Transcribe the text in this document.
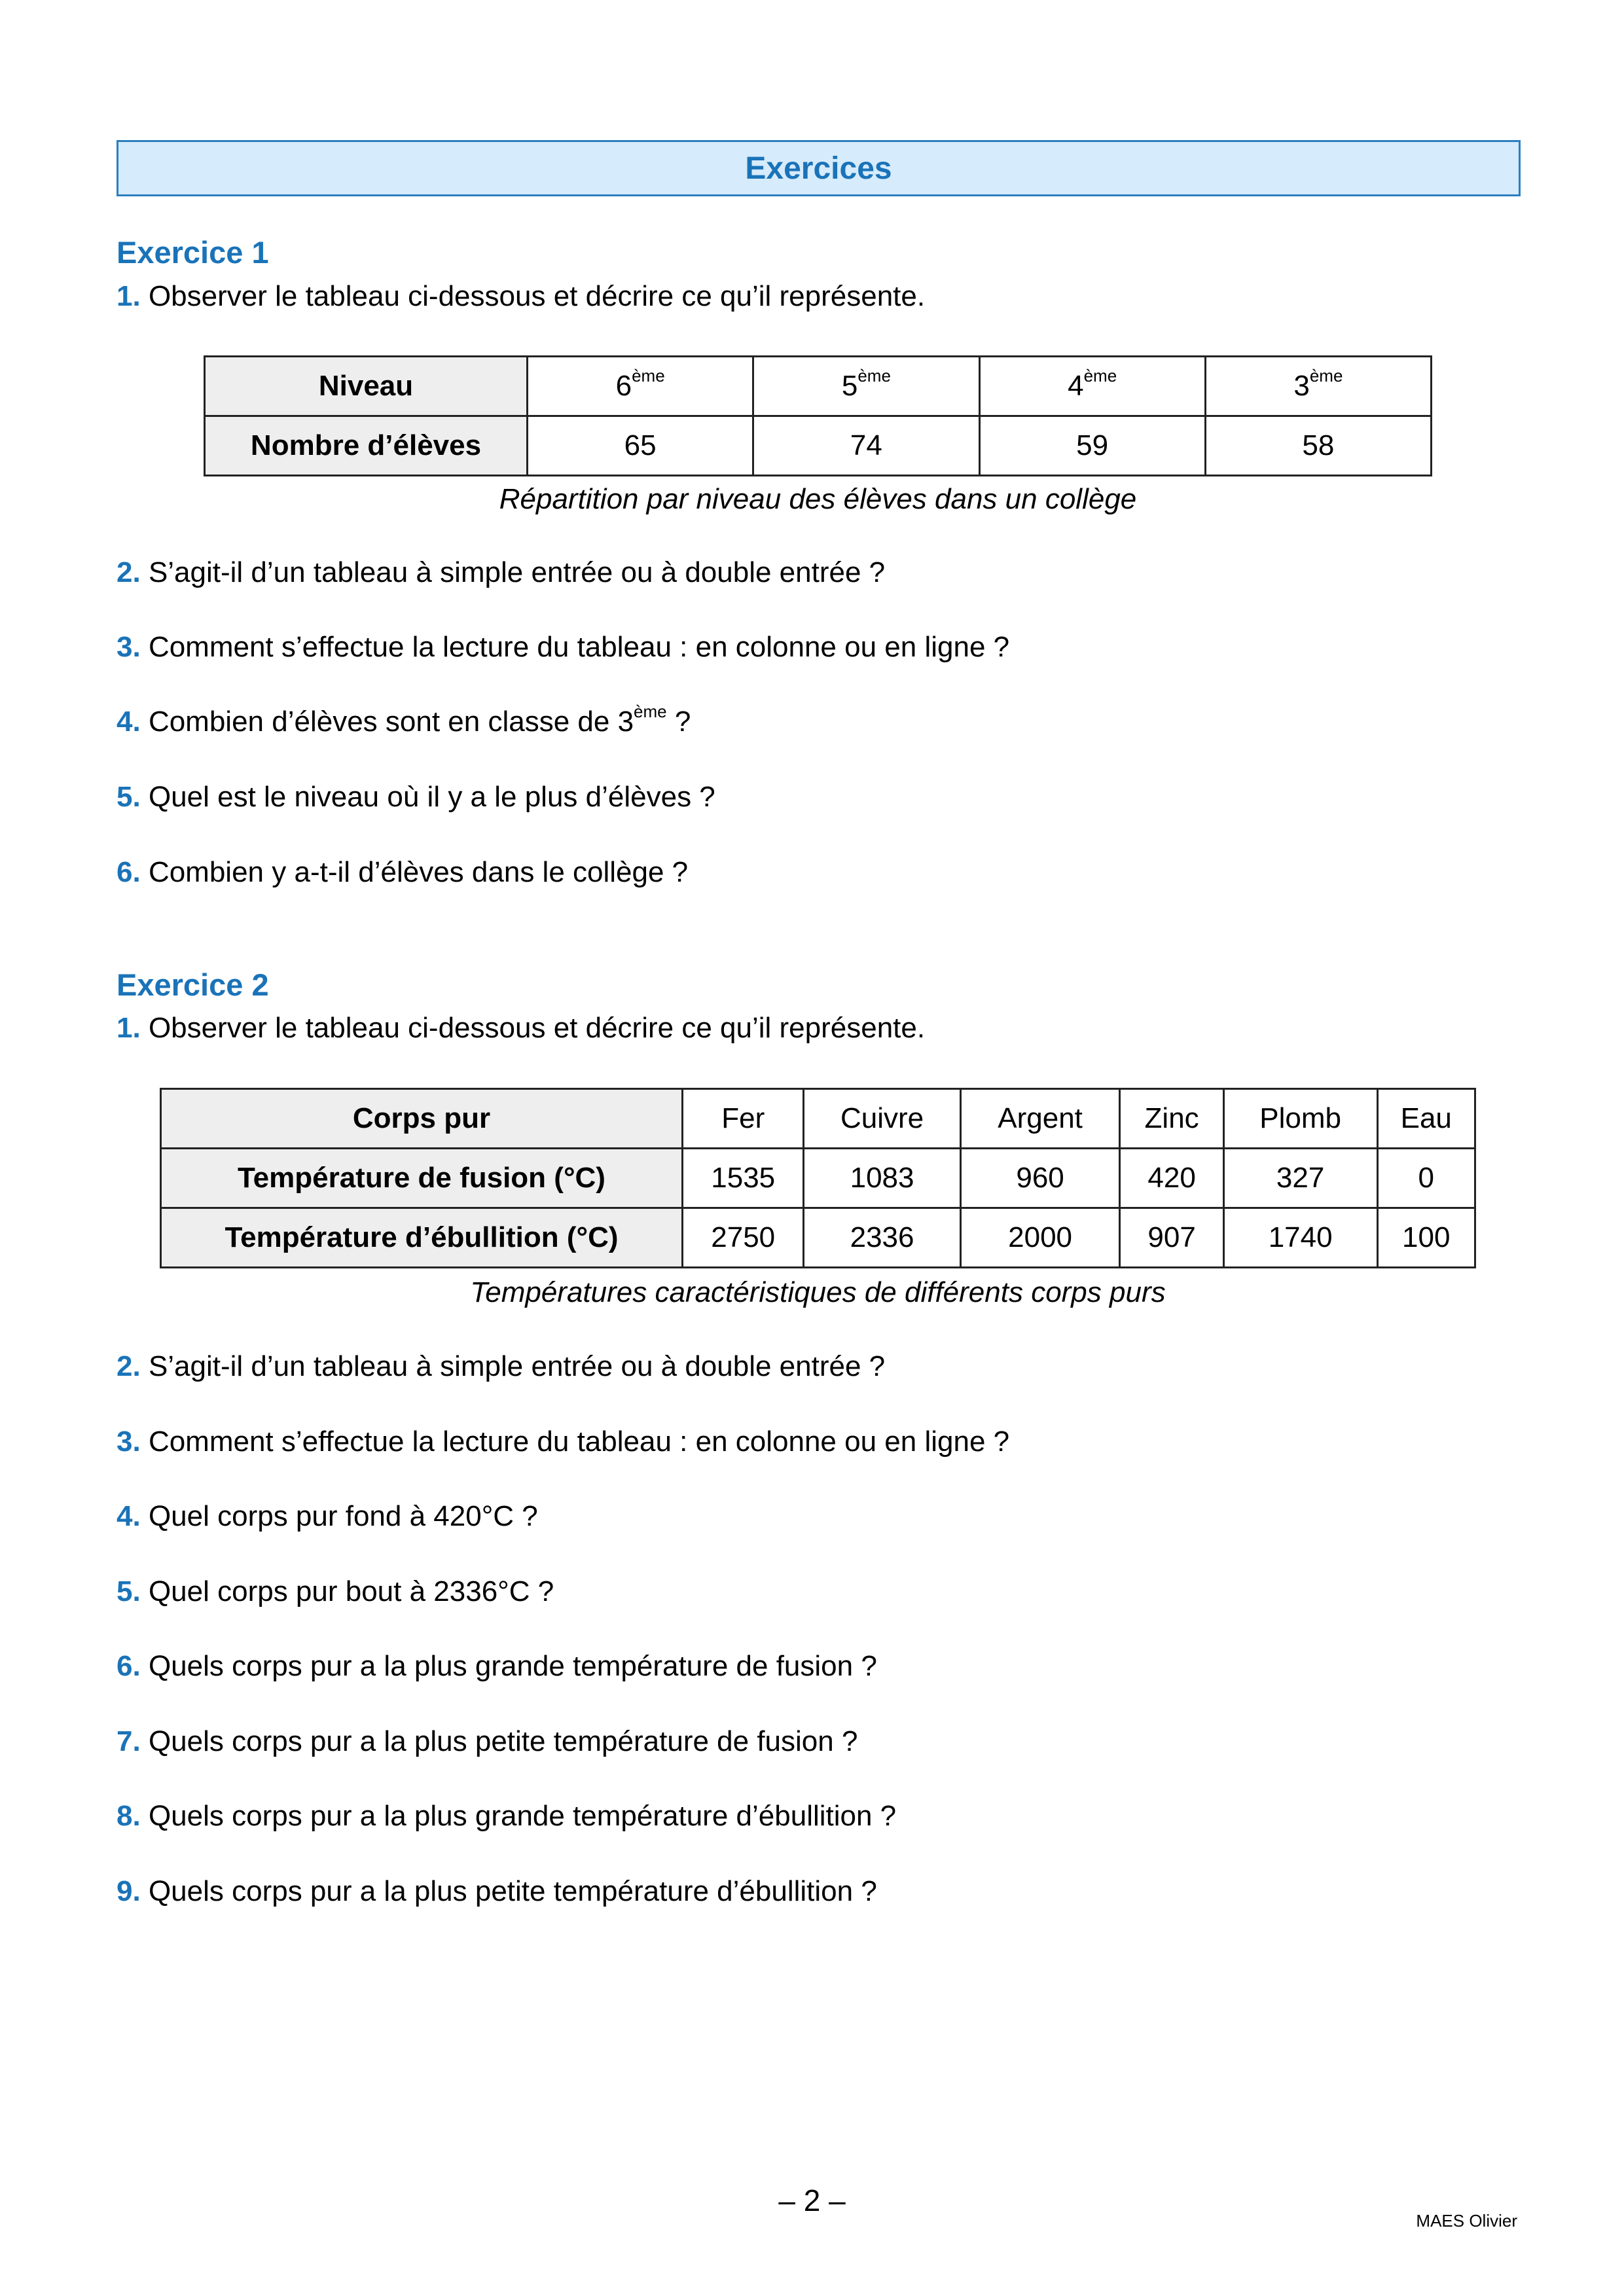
Exercices
Exercice 1
1. Observer le tableau ci-dessous et décrire ce qu’il représente.
Niveau	6ème	5ème	4ème	3ème
Nombre d’élèves	65	74	59	58
Répartition par niveau des élèves dans un collège
2. S’agit-il d’un tableau à simple entrée ou à double entrée ?
3. Comment s’effectue la lecture du tableau : en colonne ou en ligne ?
4. Combien d’élèves sont en classe de 3ème ?
5. Quel est le niveau où il y a le plus d’élèves ?
6. Combien y a-t-il d’élèves dans le collège ?
Exercice 2
1. Observer le tableau ci-dessous et décrire ce qu’il représente.
Corps pur	Fer	Cuivre	Argent	Zinc	Plomb	Eau
Température de fusion (°C)	1535	1083	960	420	327	0
Température d’ébullition (°C)	2750	2336	2000	907	1740	100
Températures caractéristiques de différents corps purs
2. S’agit-il d’un tableau à simple entrée ou à double entrée ?
3. Comment s’effectue la lecture du tableau : en colonne ou en ligne ?
4. Quel corps pur fond à 420°C ?
5. Quel corps pur bout à 2336°C ?
6. Quels corps pur a la plus grande température de fusion ?
7. Quels corps pur a la plus petite température de fusion ?
8. Quels corps pur a la plus grande température d’ébullition ?
9. Quels corps pur a la plus petite température d’ébullition ?
– 2 –
MAES Olivier
